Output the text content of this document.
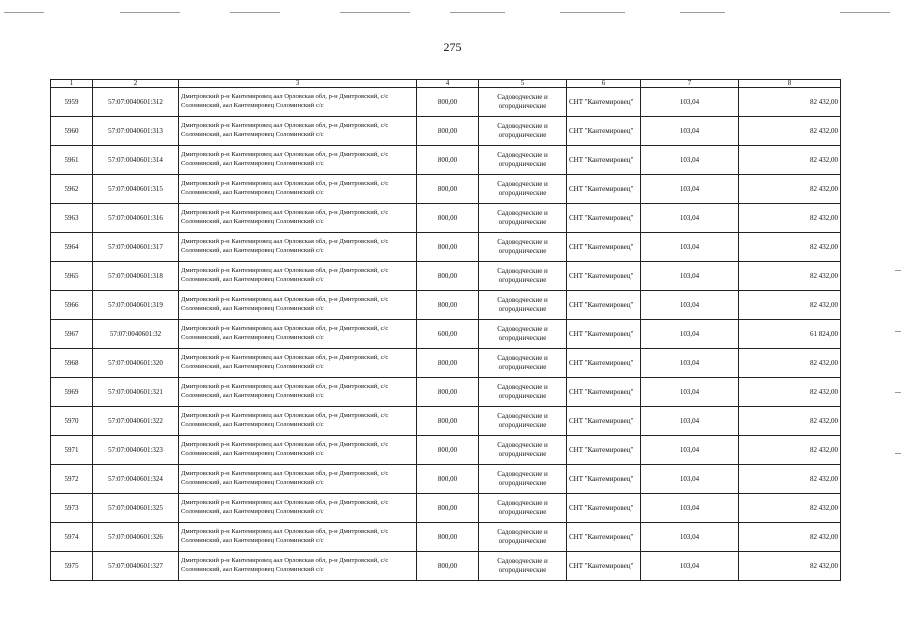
275
1	2	3	4	5	6	7	8
5959	57:07:0040601:312	Дмитровский р-н Кантемировец аал Орловская обл, р-н Дмитровский, с/с Соломинский, аал Кантемировец Соломинский с/с	800,00	Садоводческие и огороднические	СНТ "Кантемировец"	103,04	82 432,00
5960	57:07:0040601:313	Дмитровский р-н Кантемировец аал Орловская обл, р-н Дмитровский, с/с Соломинский, аал Кантемировец Соломинский с/с	800,00	Садоводческие и огороднические	СНТ "Кантемировец"	103,04	82 432,00
5961	57:07:0040601:314	Дмитровский р-н Кантемировец аал Орловская обл, р-н Дмитровский, с/с Соломинский, аал Кантемировец Соломинский с/с	800,00	Садоводческие и огороднические	СНТ "Кантемировец"	103,04	82 432,00
5962	57:07:0040601:315	Дмитровский р-н Кантемировец аал Орловская обл, р-н Дмитровский, с/с Соломинский, аал Кантемировец Соломинский с/с	800,00	Садоводческие и огороднические	СНТ "Кантемировец"	103,04	82 432,00
5963	57:07:0040601:316	Дмитровский р-н Кантемировец аал Орловская обл, р-н Дмитровский, с/с Соломинский, аал Кантемировец Соломинский с/с	800,00	Садоводческие и огороднические	СНТ "Кантемировец"	103,04	82 432,00
5964	57:07:0040601:317	Дмитровский р-н Кантемировец аал Орловская обл, р-н Дмитровский, с/с Соломинский, аал Кантемировец Соломинский с/с	800,00	Садоводческие и огороднические	СНТ "Кантемировец"	103,04	82 432,00
5965	57:07:0040601:318	Дмитровский р-н Кантемировец аал Орловская обл, р-н Дмитровский, с/с Соломинский, аал Кантемировец Соломинский с/с	800,00	Садоводческие и огороднические	СНТ "Кантемировец"	103,04	82 432,00
5966	57:07:0040601:319	Дмитровский р-н Кантемировец аал Орловская обл, р-н Дмитровский, с/с Соломинский, аал Кантемировец Соломинский с/с	800,00	Садоводческие и огороднические	СНТ "Кантемировец"	103,04	82 432,00
5967	57:07:0040601:32	Дмитровский р-н Кантемировец аал Орловская обл, р-н Дмитровский, с/с Соломинский, аал Кантемировец Соломинский с/с	600,00	Садоводческие и огороднические	СНТ "Кантемировец"	103,04	61 824,00
5968	57:07:0040601:320	Дмитровский р-н Кантемировец аал Орловская обл, р-н Дмитровский, с/с Соломинский, аал Кантемировец Соломинский с/с	800,00	Садоводческие и огороднические	СНТ "Кантемировец"	103,04	82 432,00
5969	57:07:0040601:321	Дмитровский р-н Кантемировец аал Орловская обл, р-н Дмитровский, с/с Соломинский, аал Кантемировец Соломинский с/с	800,00	Садоводческие и огороднические	СНТ "Кантемировец"	103,04	82 432,00
5970	57:07:0040601:322	Дмитровский р-н Кантемировец аал Орловская обл, р-н Дмитровский, с/с Соломинский, аал Кантемировец Соломинский с/с	800,00	Садоводческие и огороднические	СНТ "Кантемировец"	103,04	82 432,00
5971	57:07:0040601:323	Дмитровский р-н Кантемировец аал Орловская обл, р-н Дмитровский, с/с Соломинский, аал Кантемировец Соломинский с/с	800,00	Садоводческие и огороднические	СНТ "Кантемировец"	103,04	82 432,00
5972	57:07:0040601:324	Дмитровский р-н Кантемировец аал Орловская обл, р-н Дмитровский, с/с Соломинский, аал Кантемировец Соломинский с/с	800,00	Садоводческие и огороднические	СНТ "Кантемировец"	103,04	82 432,00
5973	57:07:0040601:325	Дмитровский р-н Кантемировец аал Орловская обл, р-н Дмитровский, с/с Соломинский, аал Кантемировец Соломинский с/с	800,00	Садоводческие и огороднические	СНТ "Кантемировец"	103,04	82 432,00
5974	57:07:0040601:326	Дмитровский р-н Кантемировец аал Орловская обл, р-н Дмитровский, с/с Соломинский, аал Кантемировец Соломинский с/с	800,00	Садоводческие и огороднические	СНТ "Кантемировец"	103,04	82 432,00
5975	57:07:0040601:327	Дмитровский р-н Кантемировец аал Орловская обл, р-н Дмитровский, с/с Соломинский, аал Кантемировец Соломинский с/с	800,00	Садоводческие и огороднические	СНТ "Кантемировец"	103,04	82 432,00
